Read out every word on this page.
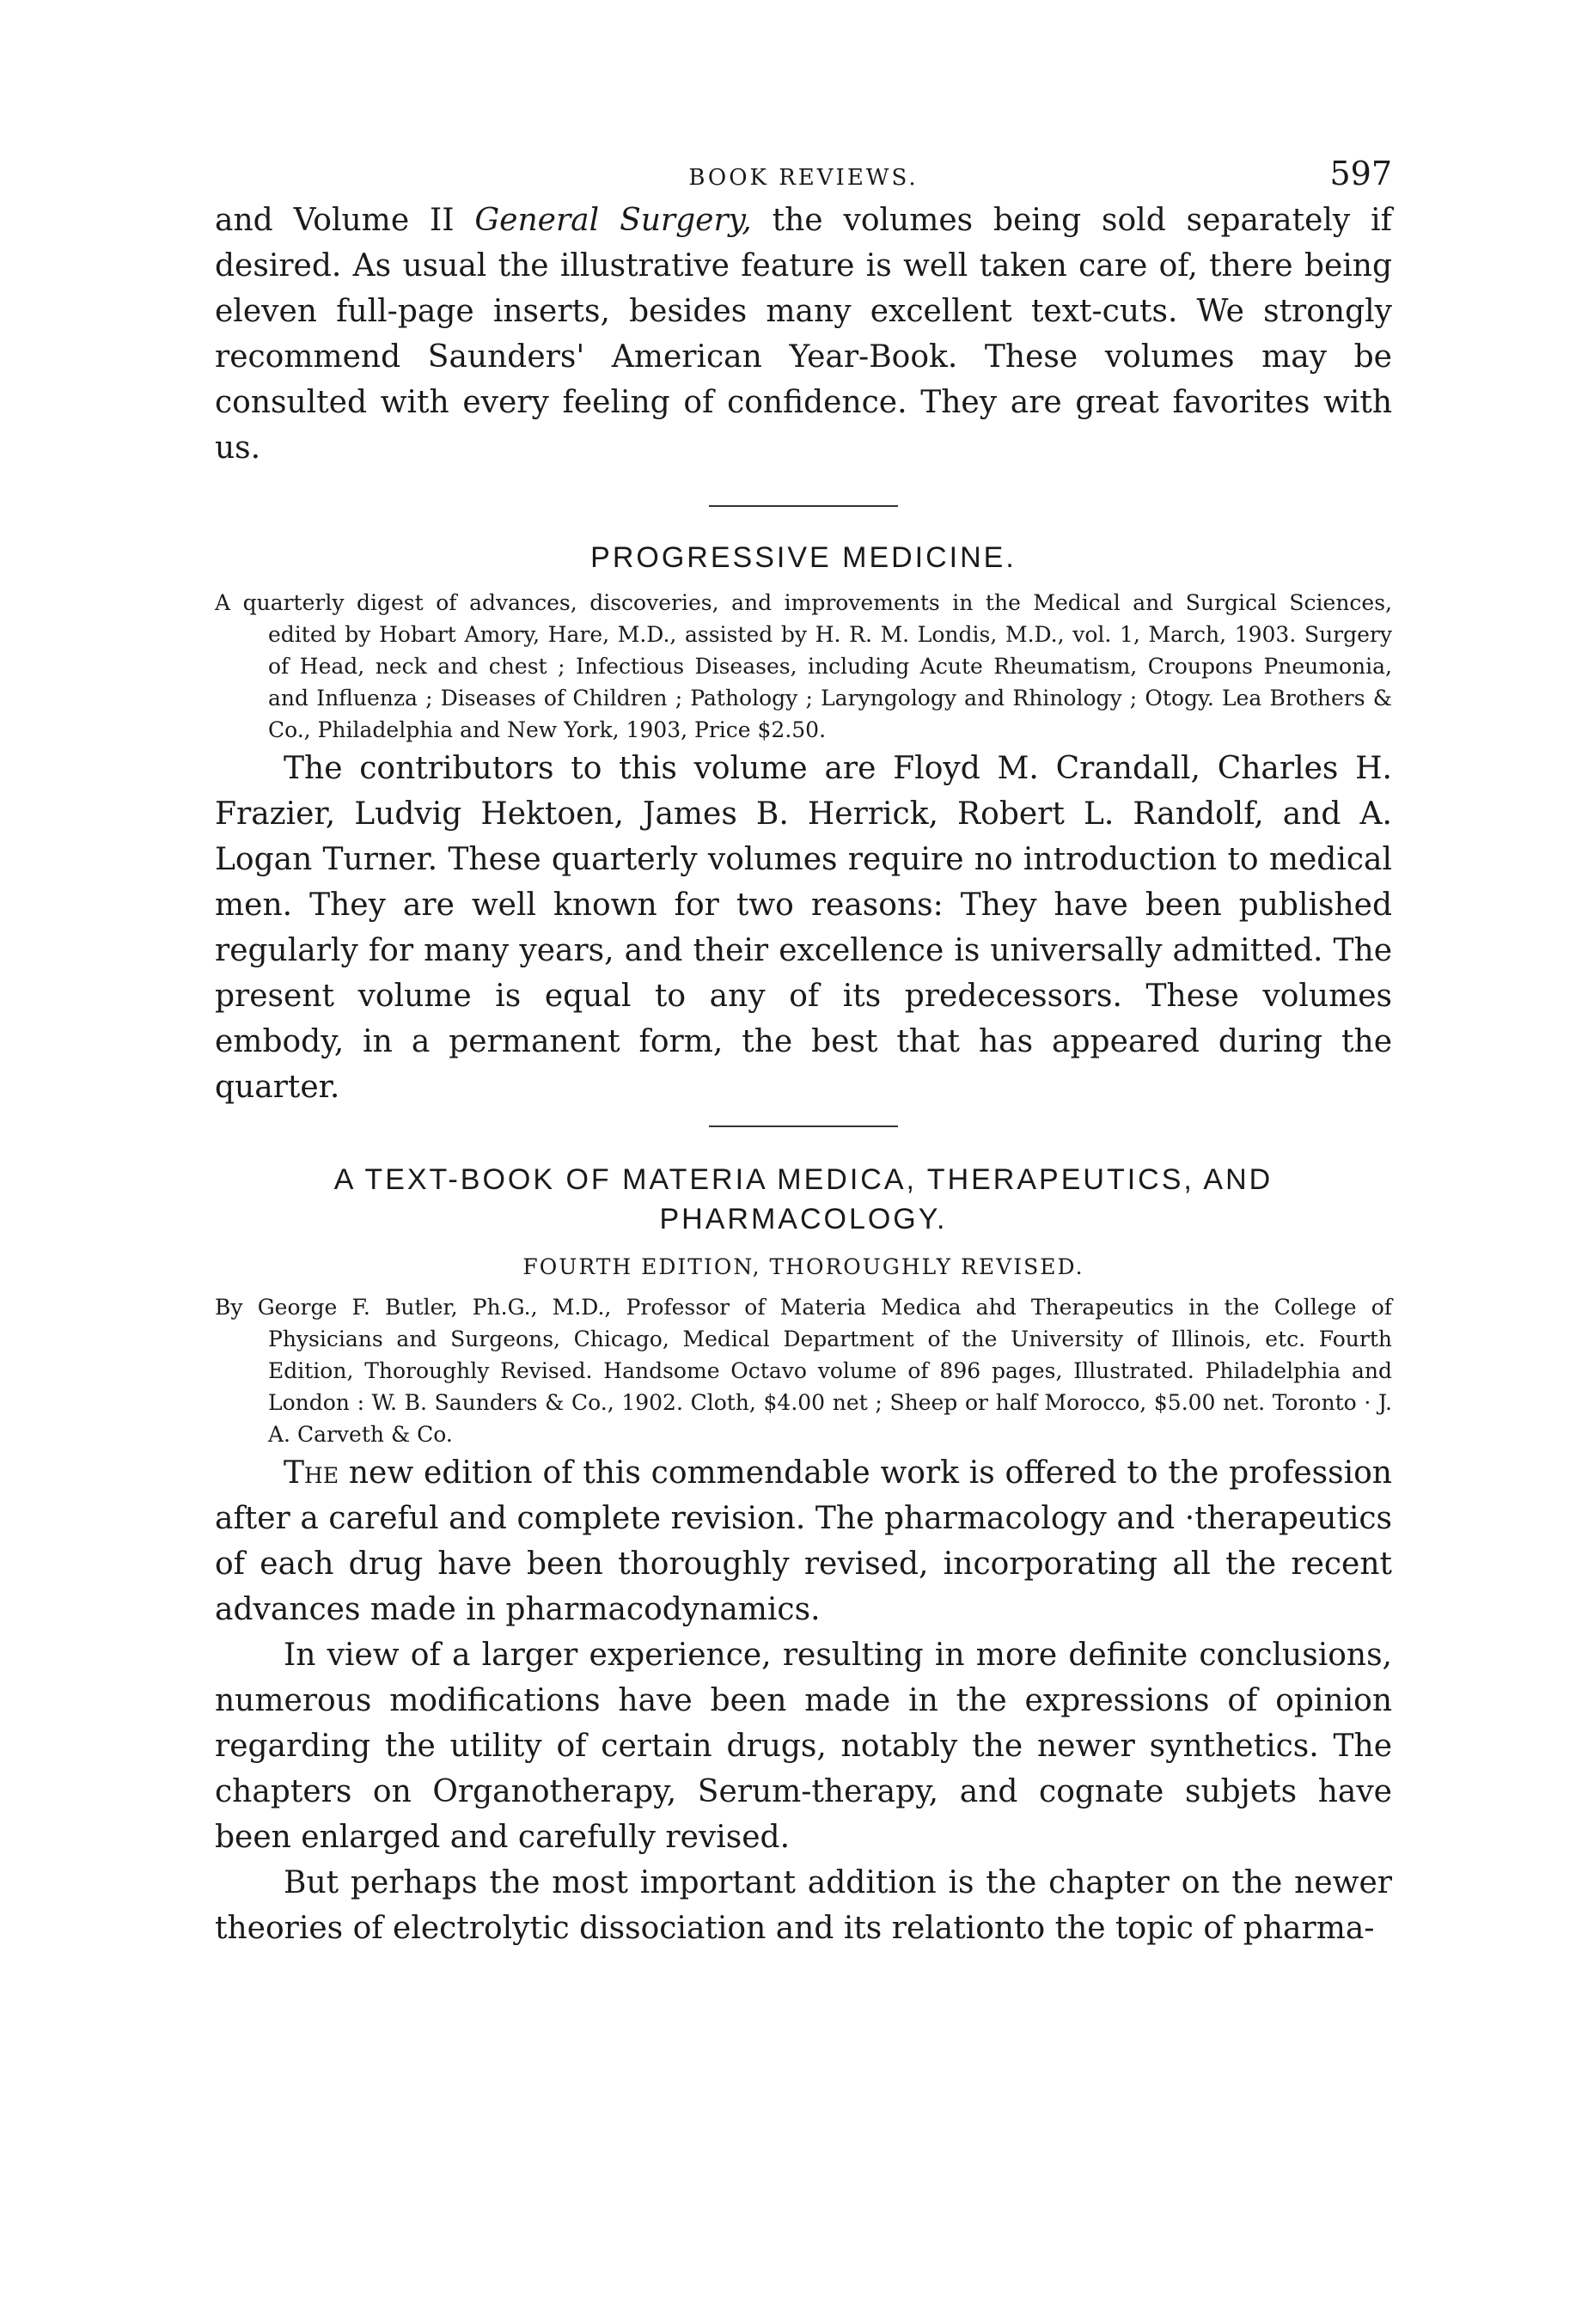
BOOK REVIEWS.	597

and Volume II General Surgery, the volumes being sold separately if desired. As usual the illustrative feature is well taken care of, there being eleven full-page inserts, besides many excellent text-cuts. We strongly recommend Saunders' American Year-Book. These volumes may be consulted with every feeling of confidence. They are great favorites with us.

PROGRESSIVE MEDICINE.

A quarterly digest of advances, discoveries, and improvements in the Medical and Surgical Sciences, edited by Hobart Amory, Hare, M.D., assisted by H. R. M. Londis, M.D., vol. 1, March, 1903. Surgery of Head, neck and chest ; Infectious Diseases, including Acute Rheumatism, Croupons Pneumonia, and Influenza ; Diseases of Children ; Pathology ; Laryngology and Rhinology ; Otogy. Lea Brothers & Co., Philadelphia and New York, 1903, Price $2.50.

The contributors to this volume are Floyd M. Crandall, Charles H. Frazier, Ludvig Hektoen, James B. Herrick, Robert L. Randolf, and A. Logan Turner. These quarterly volumes require no introduction to medical men. They are well known for two reasons: They have been published regularly for many years, and their excellence is universally admitted. The present volume is equal to any of its predecessors. These volumes embody, in a permanent form, the best that has appeared during the quarter.

A TEXT-BOOK OF MATERIA MEDICA, THERAPEUTICS, AND
PHARMACOLOGY.
FOURTH EDITION, THOROUGHLY REVISED.

By George F. Butler, Ph.G., M.D., Professor of Materia Medica ahd Therapeutics in the College of Physicians and Surgeons, Chicago, Medical Department of the University of Illinois, etc. Fourth Edition, Thoroughly Revised. Handsome Octavo volume of 896 pages, Illustrated. Philadelphia and London : W. B. Saunders & Co., 1902. Cloth, $4.00 net ; Sheep or half Morocco, $5.00 net. Toronto · J. A. Carveth & Co.

The new edition of this commendable work is offered to the profession after a careful and complete revision. The pharmacology and ·therapeutics of each drug have been thoroughly revised, incorporating all the recent advances made in pharmacodynamics.

In view of a larger experience, resulting in more definite conclusions, numerous modifications have been made in the expressions of opinion regarding the utility of certain drugs, notably the newer synthetics. The chapters on Organotherapy, Serum-therapy, and cognate subjets have been enlarged and carefully revised.

But perhaps the most important addition is the chapter on the newer theories of electrolytic dissociation and its relationto the topic of pharma-
